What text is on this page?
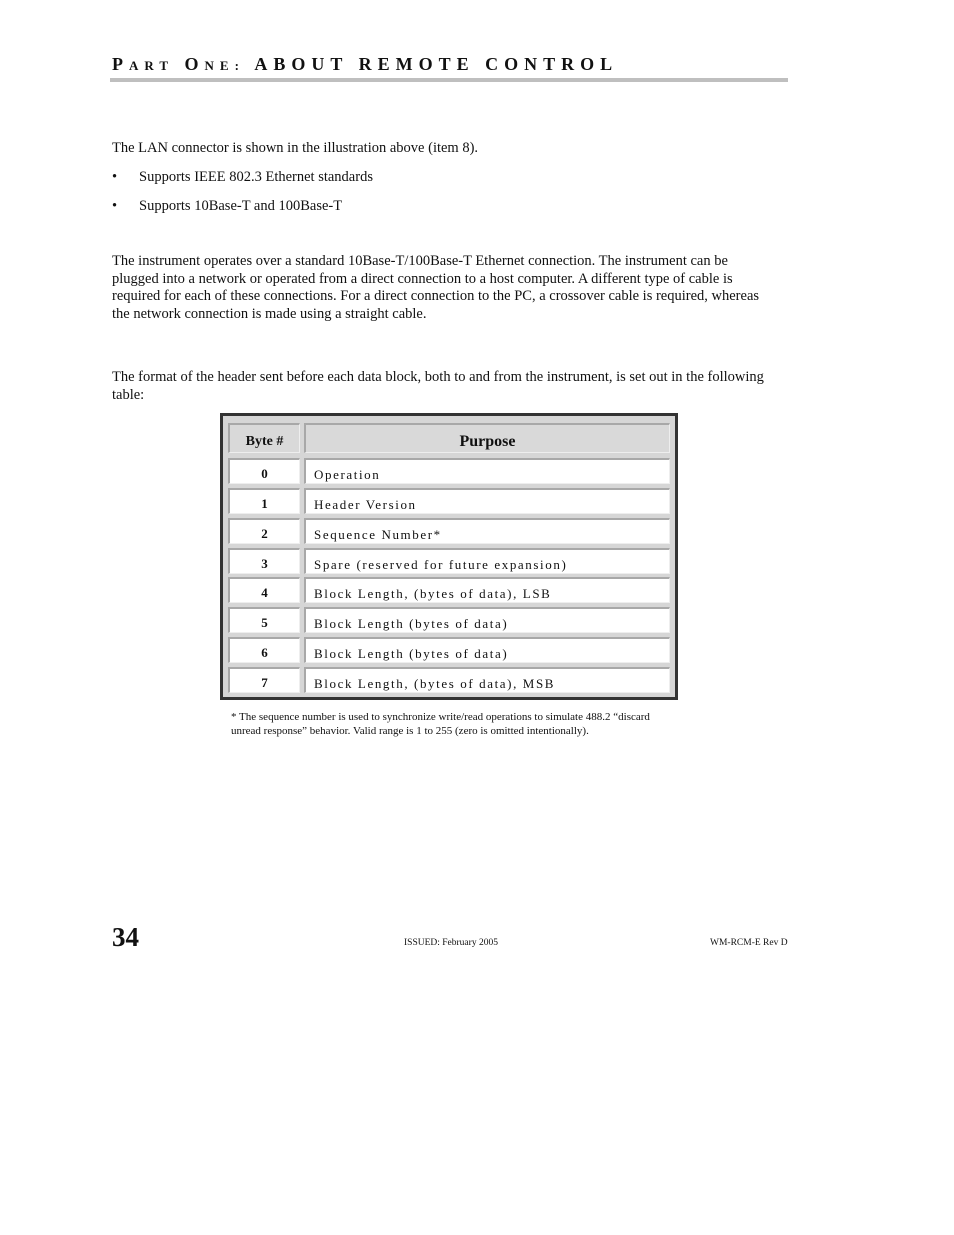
PART ONE: ABOUT REMOTE CONTROL
The LAN connector is shown in the illustration above (item 8).
• Supports IEEE 802.3 Ethernet standards
• Supports 10Base-T and 100Base-T
The instrument operates over a standard 10Base-T/100Base-T Ethernet connection. The instrument can be plugged into a network or operated from a direct connection to a host computer. A different type of cable is required for each of these connections. For a direct connection to the PC, a crossover cable is required, whereas the network connection is made using a straight cable.
The format of the header sent before each data block, both to and from the instrument, is set out in the following table:
Byte #	Purpose
0	Operation
1	Header Version
2	Sequence Number*
3	Spare (reserved for future expansion)
4	Block Length, (bytes of data), LSB
5	Block Length (bytes of data)
6	Block Length (bytes of data)
7	Block Length, (bytes of data), MSB
* The sequence number is used to synchronize write/read operations to simulate 488.2 “discard unread response” behavior. Valid range is 1 to 255 (zero is omitted intentionally).
34	ISSUED: February 2005	WM-RCM-E Rev D
